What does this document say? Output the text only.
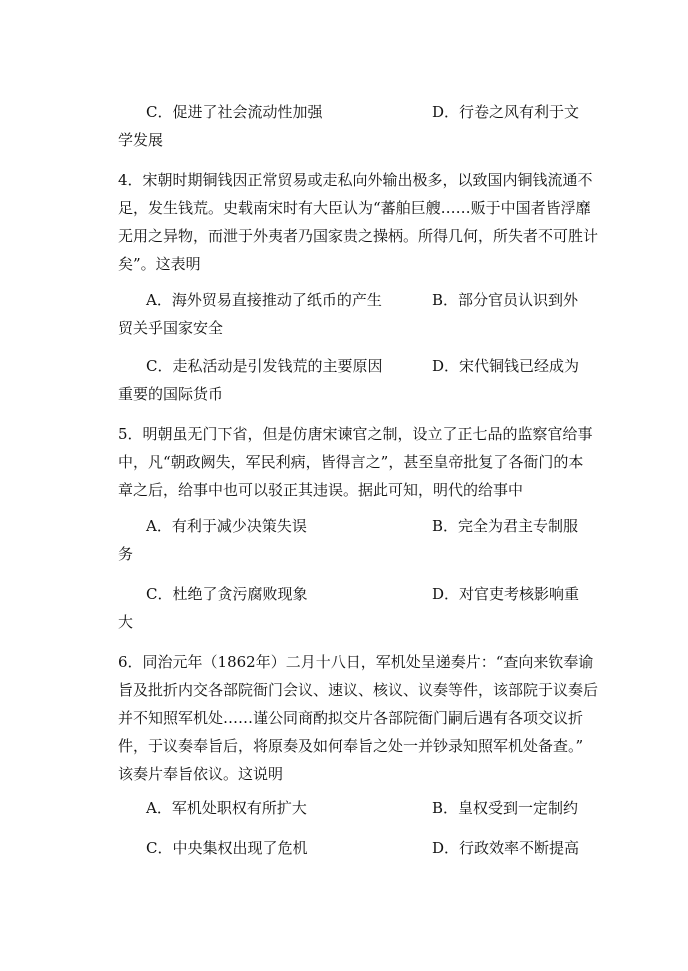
C．促进了社会流动性加强	D．行卷之风有利于文
学发展
4．宋朝时期铜钱因正常贸易或走私向外输出极多，以致国内铜钱流通不
足，发生钱荒。史载南宋时有大臣认为“蕃舶巨艘……贩于中国者皆浮靡
无用之异物，而泄于外夷者乃国家贵之操柄。所得几何，所失者不可胜计
矣”。这表明
A．海外贸易直接推动了纸币的产生	B．部分官员认识到外
贸关乎国家安全
C．走私活动是引发钱荒的主要原因	D．宋代铜钱已经成为
重要的国际货币
5．明朝虽无门下省，但是仿唐宋谏官之制，设立了正七品的监察官给事
中，凡“朝政阙失，军民利病，皆得言之”，甚至皇帝批复了各衙门的本
章之后，给事中也可以驳正其违误。据此可知，明代的给事中
A．有利于减少决策失误	B．完全为君主专制服
务
C．杜绝了贪污腐败现象	D．对官吏考核影响重
大
6．同治元年（1862年）二月十八日，军机处呈递奏片：“查向来钦奉谕
旨及批折内交各部院衙门会议、速议、核议、议奏等件，该部院于议奏后
并不知照军机处……谨公同商酌拟交片各部院衙门嗣后遇有各项交议折
件，于议奏奉旨后，将原奏及如何奉旨之处一并钞录知照军机处备查。”
该奏片奉旨依议。这说明
A．军机处职权有所扩大	B．皇权受到一定制约
C．中央集权出现了危机	D．行政效率不断提高
